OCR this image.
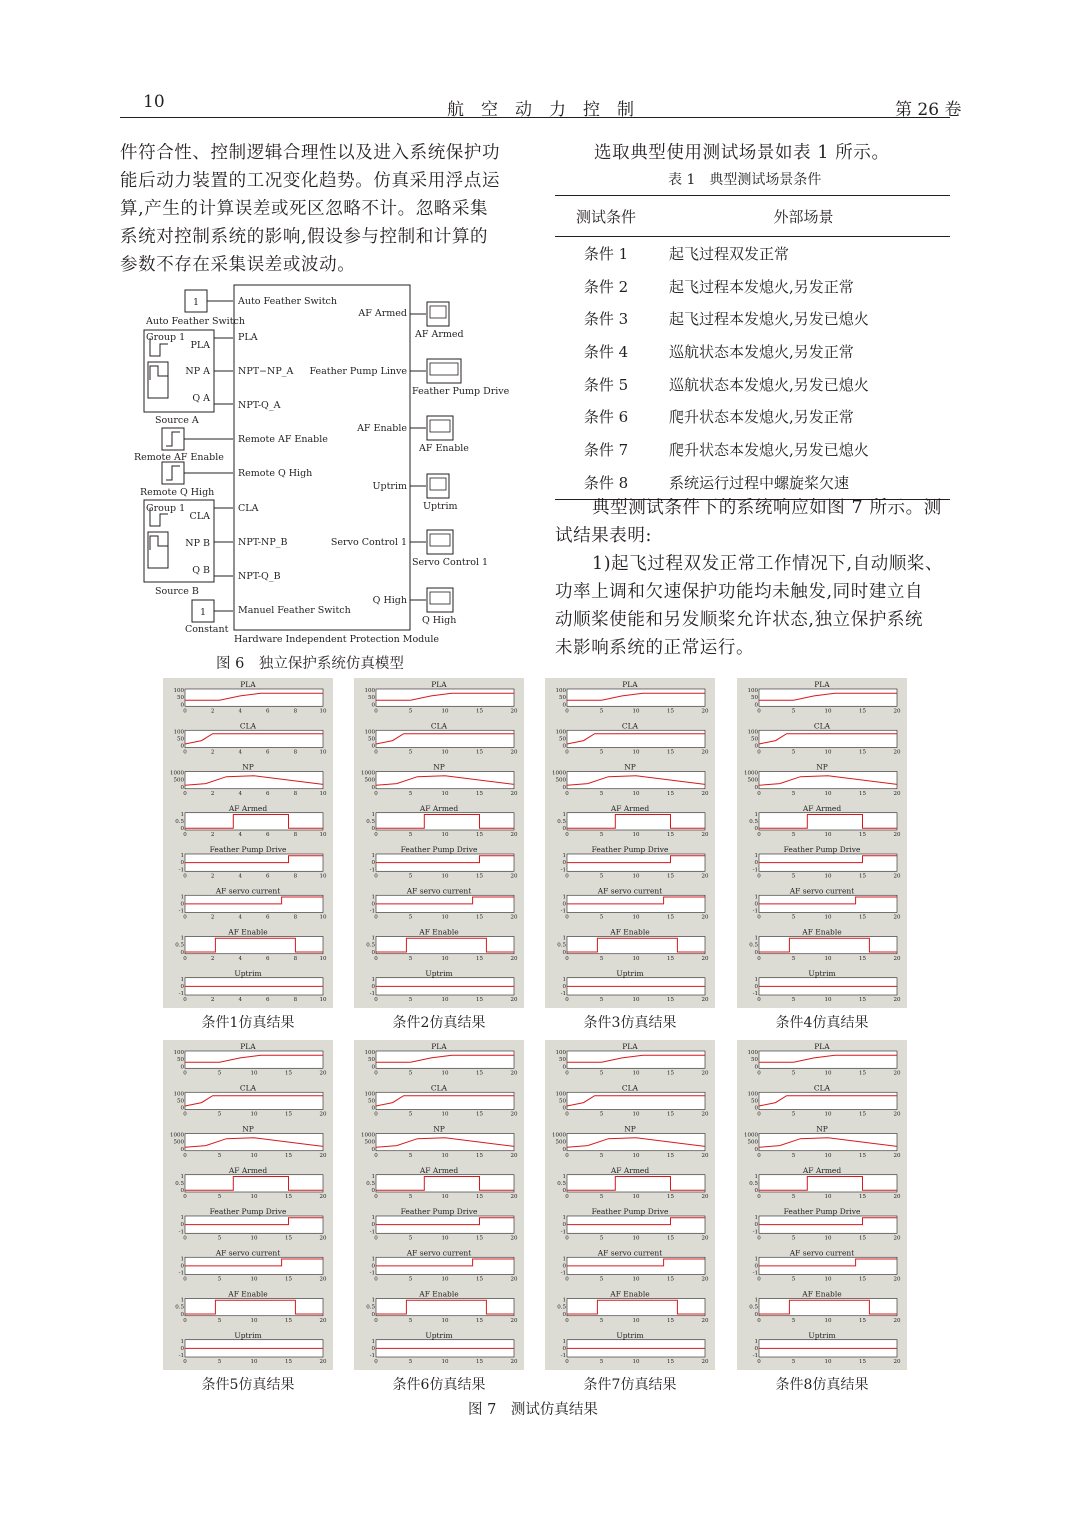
10	航　空　动　力　控　制	第 26 卷
件符合性、控制逻辑合理性以及进入系统保护功
能后动力装置的工况变化趋势。仿真采用浮点运
算,产生的计算误差或死区忽略不计。忽略采集
系统对控制系统的影响,假设参与控制和计算的
参数不存在采集误差或波动。
选取典型使用测试场景如表 1 所示。
表 1　典型测试场景条件
测试条件	外部场景
条件 1	起飞过程双发正常
条件 2	起飞过程本发熄火,另发正常
条件 3	起飞过程本发熄火,另发已熄火
条件 4	巡航状态本发熄火,另发正常
条件 5	巡航状态本发熄火,另发已熄火
条件 6	爬升状态本发熄火,另发正常
条件 7	爬升状态本发熄火,另发已熄火
条件 8	系统运行过程中螺旋桨欠速
典型测试条件下的系统响应如图 7 所示。测
试结果表明:
1)起飞过程双发正常工作情况下,自动顺桨、
功率上调和欠速保护功能均未触发,同时建立自
动顺桨使能和另发顺桨允许状态,独立保护系统
未影响系统的正常运行。
1
Auto Feather Switch
Group 1
PLA
NP A
Q A
Source A
Remote AF Enable
Remote Q High
Group 1
CLA
NP B
Q B
Source B
1
Constant
Hardware Independent Protection Module
Auto Feather Switch
PLA
NPT−NP_A
NPT-Q_A
Remote AF Enable
Remote Q High
CLA
NPT-NP_B
NPT-Q_B
Manuel Feather Switch
AF Armed
Feather Pump Linve
AF Enable
Uptrim
Servo Control 1
Q High
AF Armed
Feather Pump Drive
AF Enable
Uptrim
Servo Control 1
Q High
图 6　独立保护系统仿真模型
PLA
100
50
0
0	2	4	6	8	10
CLA
100
50
0
0	2	4	6	8	10
NP
1000
500
0
0	2	4	6	8	10
AF Armed
1
0.5
0
0	2	4	6	8	10
Feather Pump Drive
1
0
-1
0	2	4	6	8	10
AF servo current
1
0
-1
0	2	4	6	8	10
AF Enable
1
0.5
0
0	2	4	6	8	10
Uptrim
1
0
-1
0	2	4	6	8	10
条件1仿真结果
PLA
100
50
0
0	5	10	15	20
CLA
100
50
0
0	5	10	15	20
NP
1000
500
0
0	5	10	15	20
AF Armed
1
0.5
0
0	5	10	15	20
Feather Pump Drive
1
0
-1
0	5	10	15	20
AF servo current
1
0
-1
0	5	10	15	20
AF Enable
1
0.5
0
0	5	10	15	20
Uptrim
1
0
-1
0	5	10	15	20
条件2仿真结果
PLA
100
50
0
0	5	10	15	20
CLA
100
50
0
0	5	10	15	20
NP
1000
500
0
0	5	10	15	20
AF Armed
1
0.5
0
0	5	10	15	20
Feather Pump Drive
1
0
-1
0	5	10	15	20
AF servo current
1
0
-1
0	5	10	15	20
AF Enable
1
0.5
0
0	5	10	15	20
Uptrim
1
0
-1
0	5	10	15	20
条件3仿真结果
PLA
100
50
0
0	5	10	15	20
CLA
100
50
0
0	5	10	15	20
NP
1000
500
0
0	5	10	15	20
AF Armed
1
0.5
0
0	5	10	15	20
Feather Pump Drive
1
0
-1
0	5	10	15	20
AF servo current
1
0
-1
0	5	10	15	20
AF Enable
1
0.5
0
0	5	10	15	20
Uptrim
1
0
-1
0	5	10	15	20
条件4仿真结果
PLA
100
50
0
0	5	10	15	20
CLA
100
50
0
0	5	10	15	20
NP
1000
500
0
0	5	10	15	20
AF Armed
1
0.5
0
0	5	10	15	20
Feather Pump Drive
1
0
-1
0	5	10	15	20
AF servo current
1
0
-1
0	5	10	15	20
AF Enable
1
0.5
0
0	5	10	15	20
Uptrim
1
0
-1
0	5	10	15	20
条件5仿真结果
PLA
100
50
0
0	5	10	15	20
CLA
100
50
0
0	5	10	15	20
NP
1000
500
0
0	5	10	15	20
AF Armed
1
0.5
0
0	5	10	15	20
Feather Pump Drive
1
0
-1
0	5	10	15	20
AF servo current
1
0
-1
0	5	10	15	20
AF Enable
1
0.5
0
0	5	10	15	20
Uptrim
1
0
-1
0	5	10	15	20
条件6仿真结果
PLA
100
50
0
0	5	10	15	20
CLA
100
50
0
0	5	10	15	20
NP
1000
500
0
0	5	10	15	20
AF Armed
1
0.5
0
0	5	10	15	20
Feather Pump Drive
1
0
-1
0	5	10	15	20
AF servo current
1
0
-1
0	5	10	15	20
AF Enable
1
0.5
0
0	5	10	15	20
Uptrim
1
0
-1
0	5	10	15	20
条件7仿真结果
PLA
100
50
0
0	5	10	15	20
CLA
100
50
0
0	5	10	15	20
NP
1000
500
0
0	5	10	15	20
AF Armed
1
0.5
0
0	5	10	15	20
Feather Pump Drive
1
0
-1
0	5	10	15	20
AF servo current
1
0
-1
0	5	10	15	20
AF Enable
1
0.5
0
0	5	10	15	20
Uptrim
1
0
-1
0	5	10	15	20
条件8仿真结果
图 7　测试仿真结果
